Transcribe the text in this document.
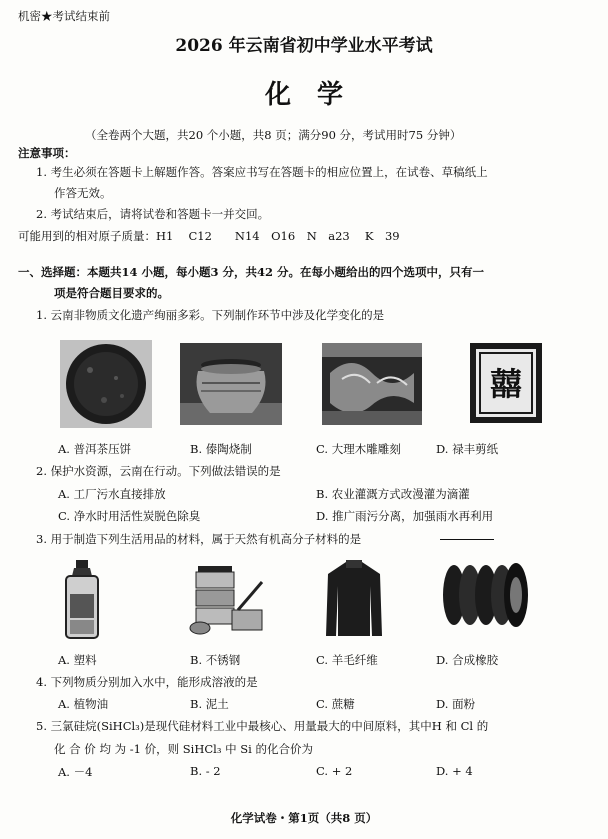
机密★考试结束前
2026 年云南省初中学业水平考试
化　学
（全卷两个大题，共20 个小题，共8 页；满分90 分，考试用时75 分钟）
注意事项：
1. 考生必须在答题卡上解题作答。答案应书写在答题卡的相应位置上，在试卷、草稿纸上
作答无效。
2. 考试结束后，请将试卷和答题卡一并交回。
可能用到的相对原子质量：H1　 C12　　N14　O16　N　a23　 K　39
一、选择题：本题共14 小题，每小题3 分，共42 分。在每小题给出的四个选项中，只有一
项是符合题目要求的。
1. 云南非物质文化遗产绚丽多彩。下列制作环节中涉及化学变化的是
囍
A. 普洱茶压饼	B. 傣陶烧制	C. 大理木雕雕刻	D. 禄丰剪纸
2. 保护水资源，云南在行动。下列做法错误的是
A. 工厂污水直接排放	B. 农业灌溉方式改漫灌为滴灌
C. 净水时用活性炭脱色除臭	D. 推广雨污分离，加强雨水再利用
3. 用于制造下列生活用品的材料，属于天然有机高分子材料的是
A. 塑料	B. 不锈钢	C. 羊毛纤维	D. 合成橡胶
4. 下列物质分别加入水中，能形成溶液的是
A. 植物油	B. 泥土	C. 蔗糖	D. 面粉
5. 三氯硅烷(SiHCl₃)是现代硅材料工业中最核心、用量最大的中间原料，其中H 和 Cl 的
化 合 价 均 为 -1 价，则 SiHCl₃ 中 Si 的化合价为
A. －4	B. - 2	C. + 2	D. + 4
化学试卷・第1页（共8 页）
